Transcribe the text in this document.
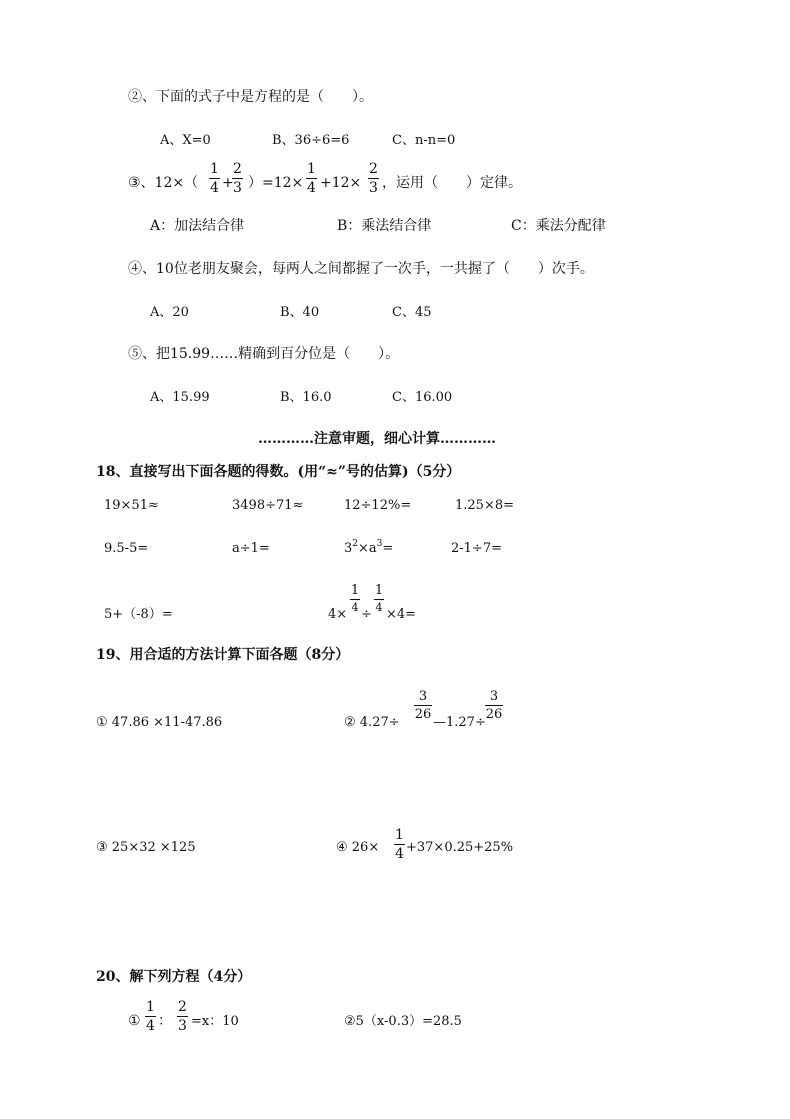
②、下面的式子中是方程的是（　　）。
A、X=0	B、36÷6=6	C、n-n=0
③、12×（
1
4 +
2
3 ）=12×
1
4 +12×
2
3 ，运用（　　）定律。
A：加法结合律	B：乘法结合律	C：乘法分配律
④、10位老朋友聚会，每两人之间都握了一次手，一共握了（　　）次手。
A、20	B、40	C、45
⑤、把15.99……精确到百分位是（　　）。
A、15.99	B、16.0	C、16.00
…………注意审题，细心计算…………
18、直接写出下面各题的得数。(用“≈”号的估算)（5分）
19×51≈	3498÷71≈	12÷12%=	1.25×8=
9.5-5=	a÷1=	$3^2\times a^3=$	2-1÷7=
5+（-8）=	4×
1
4 ÷
1
4 ×4=
19、用合适的方法计算下面各题（8分）
① 47.86 ×11-47.86	② 4.27÷
3
26
—1.27÷
3
26
③ 25×32 ×125	④ 26×
1
4 +37×0.25+25%
20、解下列方程（4分）
①
1
4 ：
2
3 =x：10	②5（x-0.3）=28.5
